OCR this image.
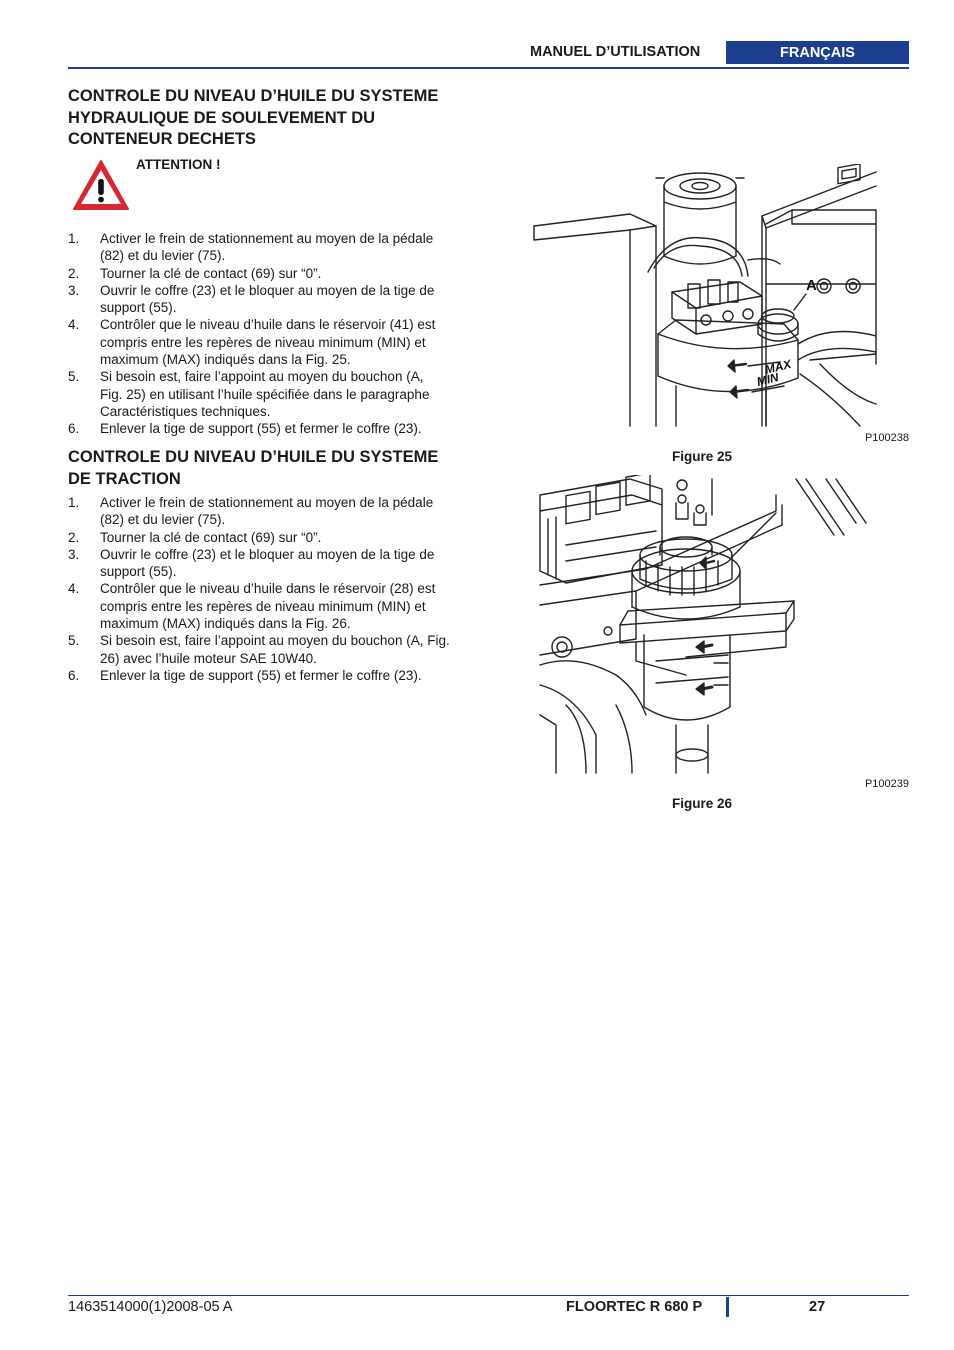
MANUEL D’UTILISATION	FRANÇAIS
CONTROLE DU NIVEAU D’HUILE DU SYSTEME
HYDRAULIQUE DE SOULEVEMENT DU
CONTENEUR DECHETS
ATTENTION !
1. Activer le frein de stationnement au moyen de la pédale
(82) et du levier (75).
2. Tourner la clé de contact (69) sur “0”.
3. Ouvrir le coffre (23) et le bloquer au moyen de la tige de
support (55).
4. Contrôler que le niveau d’huile dans le réservoir (41) est
compris entre les repères de niveau minimum (MIN) et
maximum (MAX) indiqués dans la Fig. 25.
5. Si besoin est, faire l’appoint au moyen du bouchon (A,
Fig. 25) en utilisant l’huile spécifiée dans le paragraphe
Caractéristiques techniques.
6. Enlever la tige de support (55) et fermer le coffre (23).
CONTROLE DU NIVEAU D’HUILE DU SYSTEME
DE TRACTION
1. Activer le frein de stationnement au moyen de la pédale
(82) et du levier (75).
2. Tourner la clé de contact (69) sur “0”.
3. Ouvrir le coffre (23) et le bloquer au moyen de la tige de
support (55).
4. Contrôler que le niveau d’huile dans le réservoir (28) est
compris entre les repères de niveau minimum (MIN) et
maximum (MAX) indiqués dans la Fig. 26.
5. Si besoin est, faire l’appoint au moyen du bouchon (A, Fig.
26) avec l’huile moteur SAE 10W40.
6. Enlever la tige de support (55) et fermer le coffre (23).
MAX
MIN
A
P100238
Figure 25
P100239
Figure 26
1463514000(1)2008-05 A	FLOORTEC R 680 P	27
